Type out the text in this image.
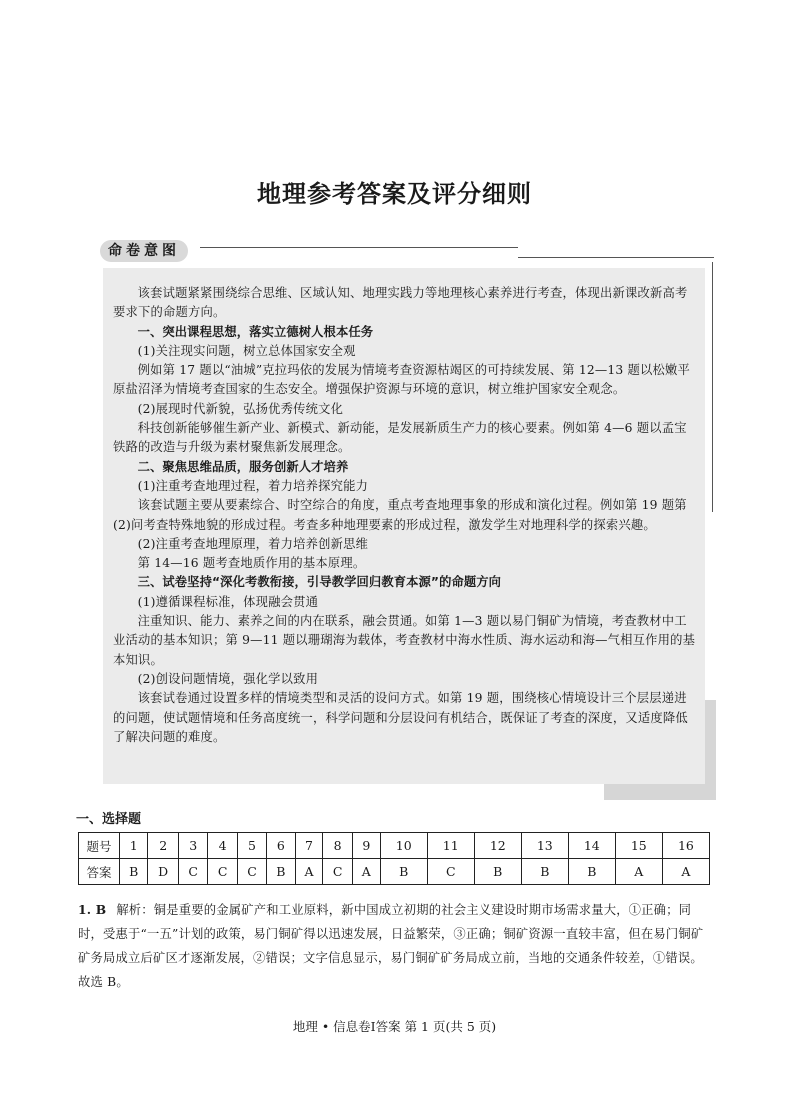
地理参考答案及评分细则
命卷意图

该套试题紧紧围绕综合思维、区域认知、地理实践力等地理核心素养进行考查，体现出新课改新高考要求下的命题方向。

一、突出课程思想，落实立德树人根本任务

(1)关注现实问题，树立总体国家安全观

例如第 17 题以“油城”克拉玛依的发展为情境考查资源枯竭区的可持续发展、第 12—13 题以松嫩平原盐沼泽为情境考查国家的生态安全。增强保护资源与环境的意识，树立维护国家安全观念。

(2)展现时代新貌，弘扬优秀传统文化

科技创新能够催生新产业、新模式、新动能，是发展新质生产力的核心要素。例如第 4—6 题以孟宝铁路的改造与升级为素材聚焦新发展理念。

二、聚焦思维品质，服务创新人才培养

(1)注重考查地理过程，着力培养探究能力

该套试题主要从要素综合、时空综合的角度，重点考查地理事象的形成和演化过程。例如第 19 题第(2)问考查特殊地貌的形成过程。考查多种地理要素的形成过程，激发学生对地理科学的探索兴趣。

(2)注重考查地理原理，着力培养创新思维

第 14—16 题考查地质作用的基本原理。

三、试卷坚持“深化考教衔接，引导教学回归教育本源”的命题方向

(1)遵循课程标准，体现融会贯通

注重知识、能力、素养之间的内在联系，融会贯通。如第 1—3 题以易门铜矿为情境，考查教材中工业活动的基本知识；第 9—11 题以珊瑚海为载体，考查教材中海水性质、海水运动和海—气相互作用的基本知识。

(2)创设问题情境，强化学以致用

该套试卷通过设置多样的情境类型和灵活的设问方式。如第 19 题，围绕核心情境设计三个层层递进的问题，使试题情境和任务高度统一，科学问题和分层设问有机结合，既保证了考查的深度，又适度降低了解决问题的难度。

一、选择题
题号	1	2	3	4	5	6	7	8	9	10	11	12	13	14	15	16
答案	B	D	C	C	C	B	A	C	A	B	C	B	B	B	A	A
1. B 解析：铜是重要的金属矿产和工业原料，新中国成立初期的社会主义建设时期市场需求量大，①正确；同时，受惠于“一五”计划的政策，易门铜矿得以迅速发展，日益繁荣，③正确；铜矿资源一直较丰富，但在易门铜矿矿务局成立后矿区才逐渐发展，②错误；文字信息显示，易门铜矿矿务局成立前，当地的交通条件较差，①错误。故选 B。
地理 • 信息卷Ⅰ答案 第 1 页(共 5 页)
